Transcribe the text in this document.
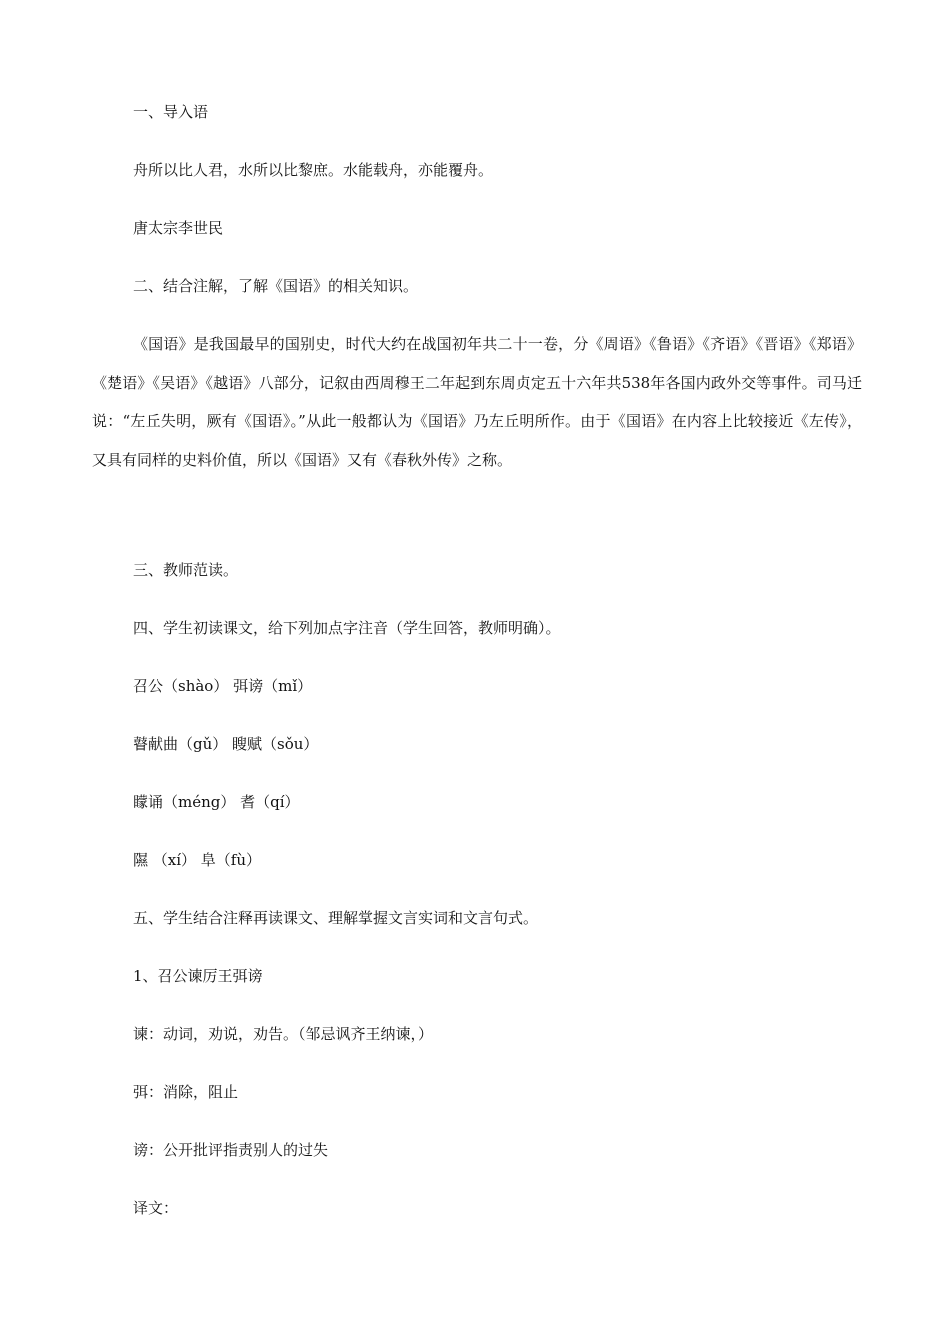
一、导入语
舟所以比人君，水所以比黎庶。水能载舟，亦能覆舟。
唐太宗李世民
二、结合注解，了解《国语》的相关知识。

《国语》是我国最早的国别史，时代大约在战国初年共二十一卷，分《周语》《鲁语》《齐语》《晋语》《郑语》《楚语》《吴语》《越语》八部分，记叙由西周穆王二年起到东周贞定五十六年共538年各国内政外交等事件。司马迁说：“左丘失明，厥有《国语》。”从此一般都认为《国语》乃左丘明所作。由于《国语》在内容上比较接近《左传》，又具有同样的史料价值，所以《国语》又有《春秋外传》之称。

三、教师范读。
四、学生初读课文，给下列加点字注音（学生回答，教师明确）。
召公（shào） 弭谤（mǐ）
瞽献曲（gǔ） 瞍赋（sǒu）
矇诵（méng） 耆（qí）
隰 （xí） 阜（fù）
五、学生结合注释再读课文、理解掌握文言实词和文言句式。
1、召公谏厉王弭谤
谏：动词，劝说，劝告。（邹忌讽齐王纳谏，）
弭：消除，阻止
谤：公开批评指责别人的过失
译文：
